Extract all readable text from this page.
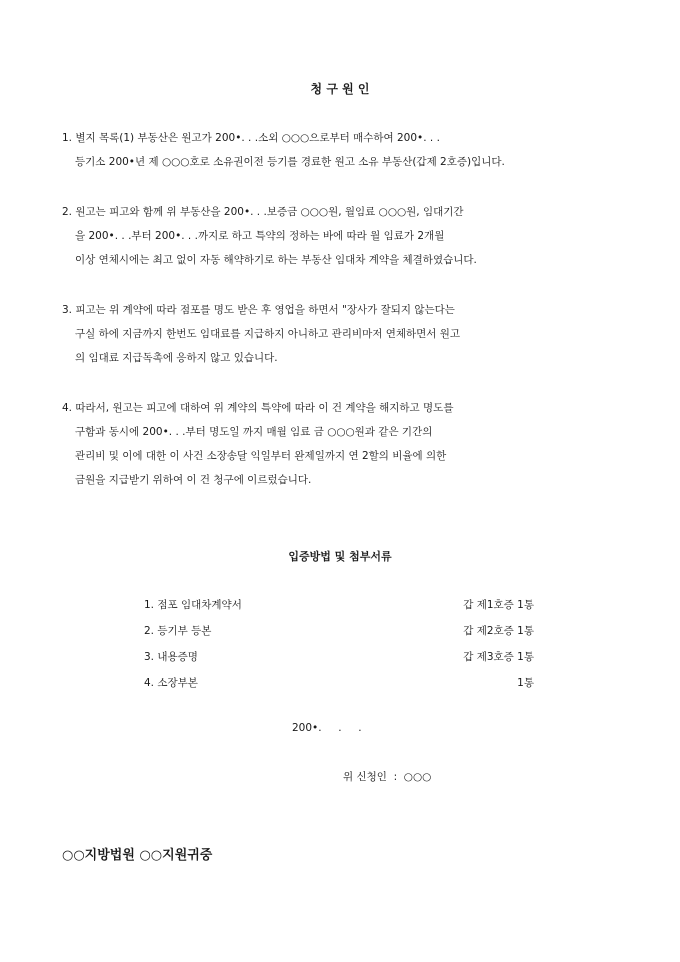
청 구 원 인
1. 별지 목록(1) 부동산은 원고가 200•. . .소외 ○○○으로부터 매수하여 200•. . .
등기소 200•년 제 ○○○호로 소유권이전 등기를 경료한 원고 소유 부동산(갑제 2호증)입니다.
2. 원고는 피고와 함께 위 부동산을 200•. . .보증금 ○○○원, 월임료 ○○○원, 임대기간
을 200•. . .부터 200•. . .까지로 하고 특약의 정하는 바에 따라 월 임료가 2개월
이상 연체시에는 최고 없이 자동 해약하기로 하는 부동산 임대차 계약을 체결하였습니다.
3. 피고는 위 계약에 따라 점포를 명도 받은 후 영업을 하면서 "장사가 잘되지 않는다는
구실 하에 지금까지 한번도 임대료를 지급하지 아니하고 관리비마저 연체하면서 원고
의 임대료 지급독촉에 응하지 않고 있습니다.
4. 따라서, 원고는 피고에 대하여 위 계약의 특약에 따라 이 건 계약을 해지하고 명도를
구함과 동시에 200•. . .부터 명도일 까지 매월 임료 금 ○○○원과 같은 기간의
관리비 및 이에 대한 이 사건 소장송달 익일부터 완제일까지 연 2할의 비율에 의한
금원을 지급받기 위하여 이 건 청구에 이르렀습니다.
입증방법 및 첨부서류
1. 점포 임대차계약서	갑 제1호증 1통
2. 등기부 등본	갑 제2호증 1통
3. 내용증명	갑 제3호증 1통
4. 소장부본	1통
200•.     .     .
위 신청인  :  ○○○
○○지방법원 ○○지원귀중
